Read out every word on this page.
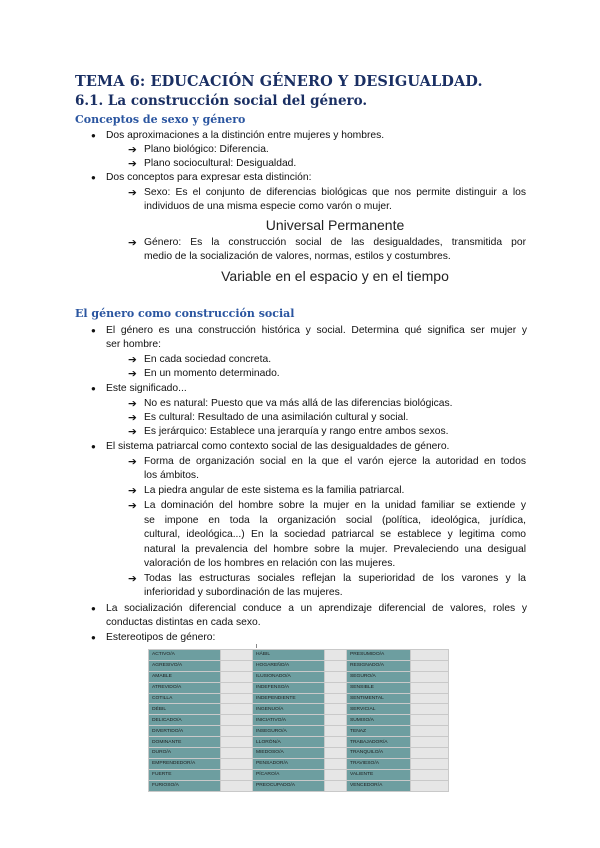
TEMA 6: EDUCACIÓN GÉNERO Y DESIGUALDAD.
6.1. La construcción social del género.
Conceptos de sexo y género
● Dos aproximaciones a la distinción entre mujeres y hombres.
➔ Plano biológico: Diferencia.
➔ Plano sociocultural: Desigualdad.
● Dos conceptos para expresar esta distinción:
➔ Sexo: Es el conjunto de diferencias biológicas que nos permite distinguir a los
individuos de una misma especie como varón o mujer.
Universal Permanente
➔ Género: Es la construcción social de las desigualdades, transmitida por
medio de la socialización de valores, normas, estilos y costumbres.
Variable en el espacio y en el tiempo
El género como construcción social
● El género es una construcción histórica y social. Determina qué significa ser mujer y
ser hombre:
➔ En cada sociedad concreta.
➔ En un momento determinado.
● Este significado...
➔ No es natural: Puesto que va más allá de las diferencias biológicas.
➔ Es cultural: Resultado de una asimilación cultural y social.
➔ Es jerárquico: Establece una jerarquía y rango entre ambos sexos.
● El sistema patriarcal como contexto social de las desigualdades de género.
➔ Forma de organización social en la que el varón ejerce la autoridad en todos
los ámbitos.
➔ La piedra angular de este sistema es la familia patriarcal.
➔ La dominación del hombre sobre la mujer en la unidad familiar se extiende y
se impone en toda la organización social (política, ideológica, jurídica,
cultural, ideológica...) En la sociedad patriarcal se establece y legitima como
natural la prevalencia del hombre sobre la mujer. Prevaleciendo una desigual
valoración de los hombres en relación con las mujeres.
➔ Todas las estructuras sociales reflejan la superioridad de los varones y la
inferioridad y subordinación de las mujeres.
● La socialización diferencial conduce a un aprendizaje diferencial de valores, roles y
conductas distintas en cada sexo.
● Estereotipos de género:
ACTIVO/A		HÁBIL		PRESUMIDO/A	
AGRESIVO/A		HOGAREÑO/A		RESIGNADO/A	
AMABLE		ILUSIONADO/A		SEGURO/A	
ATREVIDO/A		INDEFENSO/A		SENSIBLE	
COTILLA		INDEPENDIENTE		SENTIMENTAL	
DÉBIL		INGENUO/A		SERVICIAL	
DELICADO/A		INICIATIVO/A		SUMISO/A	
DIVERTIDO/A		INSEGURO/A		TENAZ	
DOMINANTE		LLORÓN/A		TRABAJADOR/A	
DURO/A		MIEDOSO/A		TRANQUILO/A	
EMPRENDEDOR/A		PENSADOR/A		TRAVIESO/A	
FUERTE		PÍCARO/A		VALIENTE	
FURIOSO/A		PREOCUPADO/A		VENCEDOR/A	
